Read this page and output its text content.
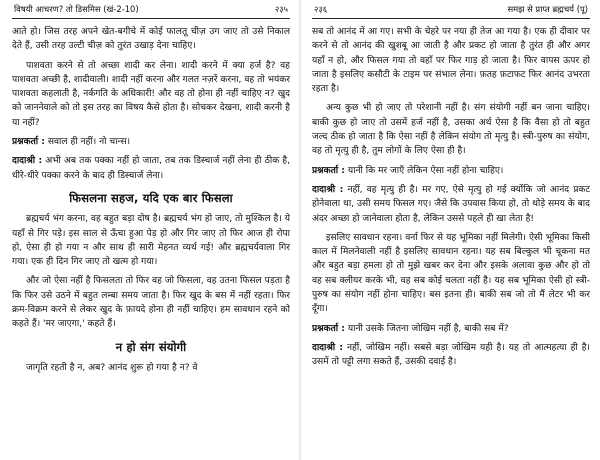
विषयी आचरण? तो डिसमिस (खं-2-10)	२३५

आते हो। जिस तरह अपने खेत-बगीचे में कोई फालतू चीज़ उग जाए तो उसे निकाल देते हैं, उसी तरह उल्टी चीज़ को तुरंत उखाड़ देना चाहिए।

पाशवता करने से तो अच्छा शादी कर लेना। शादी करने में क्या हर्ज है? वह पाशवता अच्छी है, शादीवाली। शादी नहीं करना और गलत नज़रें करना, वह तो भयंकर पाशवता कहलाती है, नर्कगति के अधिकारी! और वह तो होना ही नहीं चाहिए न? खुद को जाननेवाले को तो इस तरह का विषय कैसे होता है। सोचकर देखना, शादी करनी है या नहीं?

प्रश्नकर्ता : सवाल ही नहीं। नो चान्स।
दादाश्री : अभी अब तक पक्का नहीं हो जाता, तब तक डिस्चार्ज नहीं लेना ही ठीक है, धीरे-धीरे पक्का करने के बाद ही डिस्चार्ज लेना।
फिसलना सहज, यदि एक बार फिसला

ब्रह्मचर्य भंग करना, वह बहुत बड़ा दोष है। ब्रह्मचर्य भंग हो जाए, तो मुश्किल है। ये यहाँ से गिर पड़े। इस साल से ऊँचा हुआ पेड़ हो और गिर जाए तो फिर आज ही रोपा हो, ऐसा ही हो गया न और साथ ही सारी मेहनत व्यर्थ गई! और ब्रह्मचर्यवाला गिर गया। एक ही दिन गिर जाए तो खत्म हो गया।

और जो ऐसा नहीं है फिसलता तो फिर वह जो फिसला, वह उतना फिसल पड़ता है कि फिर उसे उठने में बहुत लम्बा समय जाता है। फिर खुद के बस में नहीं रहता। फिर क्रम-विक्रम करने से लेकर खुद के फ़ायदे होना ही नहीं चाहिए। हम सावधान रहने को कहते हैं। 'मर जाएगा,' कहते हैं।

न हो संग संयोगी

जागृति रहती है न, अब? आनंद शुरू हो गया है न? वे

२३६	समझ से प्राप्त ब्रह्मचर्य (पू)

सब तो आनंद में आ गए। सभी के चेहरे पर नया ही तेज आ गया है। एक ही दीवार पर करने से तो आनंद की खुशबू आ जाती है और प्रकट हो जाता है तुरंत ही और अगर यहाँ न हो, और फिसल गया तो वहाँ पर फिर गाड़ हो जाता है। फिर वापस ऊपर हो जाता है इसलिए कसौटी के टाइम पर संभाल लेना। फ़तह फ़टाफट फिर आनंद उभरता रहता है।

अन्य कुछ भी हो जाए तो परेशानी नहीं है। संग संयोगी नहीं बन जाना चाहिए। बाकी कुछ हो जाए तो उसमें हर्ज नहीं है, उसका अर्थ ऐसा है कि वैसा हो तो बहुत जल्द ठीक हो जाता है कि ऐसा नहीं है लेकिन संयोग तो मृत्यु है। स्त्री-पुरुष का संयोग, वह तो मृत्यु ही है, तुम लोगों के लिए ऐसा ही है।

प्रश्नकर्ता : यानी कि मर जाएँ लेकिन ऐसा नहीं होना चाहिए।
दादाश्री : नहीं, वह मृत्यु ही है। मर गए, ऐसे मृत्यु हो गई क्योंकि जो आनंद प्रकट होनेवाला था, उसी समय फिसल गए। जैसे कि उपवास किया हो, तो थोड़े समय के बाद अंदर अच्छा हो जानेवाला होता है, लेकिन उससे पहले ही खा लेता है!

इसलिए सावधान रहना। वर्ना फिर से यह भूमिका नहीं मिलेगी। ऐसी भूमिका किसी काल में मिलनेवाली नहीं है इसलिए सावधान रहना। यह सब बिल्कुल भी चूकना मत और बहुत बड़ा हमला हो तो मुझे खबर कर देना और इसके अलावा कुछ और हो तो वह सब क्लीयर करके भी, वह सब कोई चलता नहीं है। यह सब भूमिका ऐसी हो स्त्री-पुरुष का संयोग नहीं होना चाहिए। बस इतना ही। बाकी सब जो तो मैं लेटर भी कर दूँगा।

प्रश्नकर्ता : यानी उसके जितना जोखिम नहीं है, बाकी सब में?
दादाश्री : नहीं, जोखिम नहीं। सबसे बड़ा जोखिम यही है। यह तो आत्महत्या ही है। उसमें तो पट्टी लगा सकते हैं, उसकी दवाई है।
